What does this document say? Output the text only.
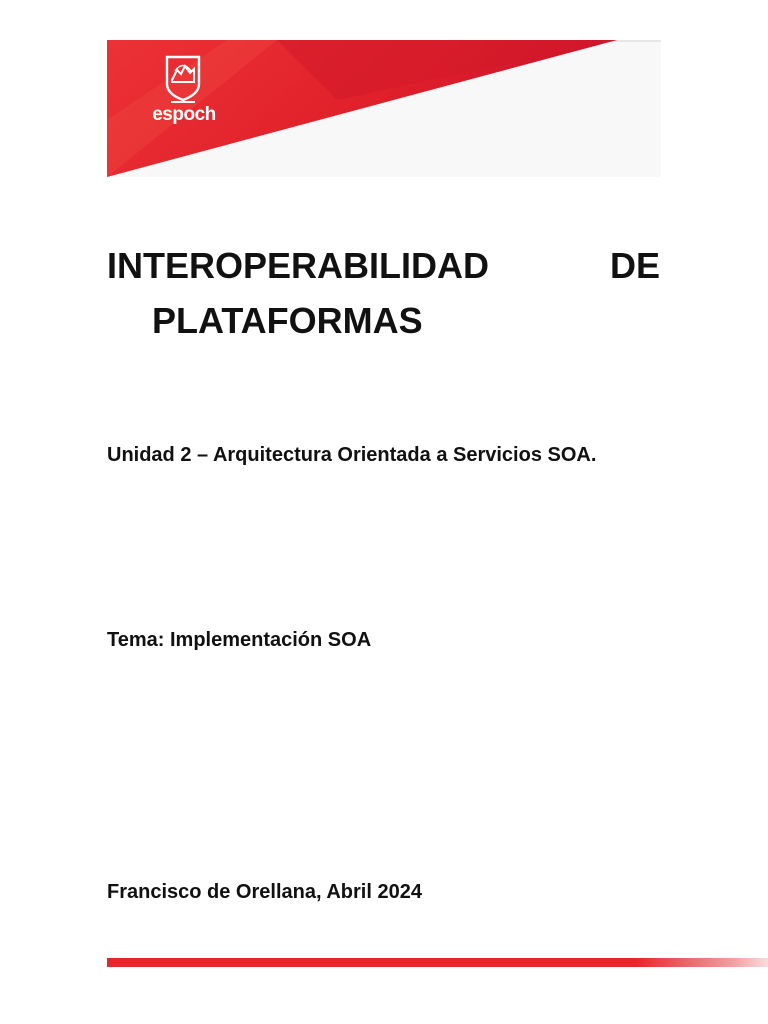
espoch
INTEROPERABILIDAD	DE
PLATAFORMAS
Unidad 2 – Arquitectura Orientada a Servicios SOA.
Tema: Implementación SOA
Francisco de Orellana, Abril 2024
